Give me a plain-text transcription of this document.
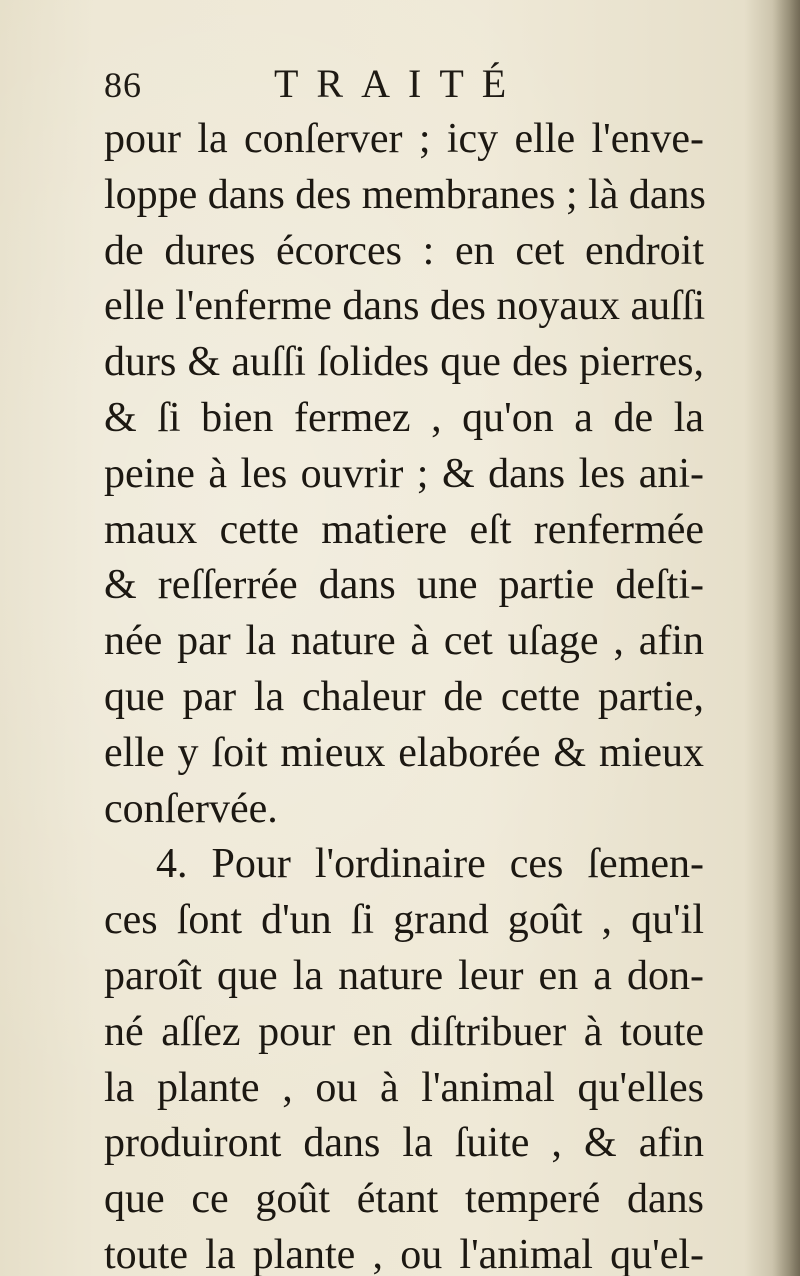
86	TRAITÉ
pour la conſerver ; icy elle l'enve-
loppe dans des membranes ; là dans
de dures écorces : en cet endroit
elle l'enferme dans des noyaux auſſi
durs & auſſi ſolides que des pierres,
& ſi bien fermez , qu'on a de la
peine à les ouvrir ; & dans les ani-
maux cette matiere eſt renfermée
& reſſerrée dans une partie deſti-
née par la nature à cet uſage , afin
que par la chaleur de cette partie,
elle y ſoit mieux elaborée & mieux
conſervée.
4. Pour l'ordinaire ces ſemen-
ces ſont d'un ſi grand goût , qu'il
paroît que la nature leur en a don-
né aſſez pour en diſtribuer à toute
la plante , ou à l'animal qu'elles
produiront dans la ſuite , & afin
que ce goût étant temperé dans
toute la plante , ou l'animal qu'el-
